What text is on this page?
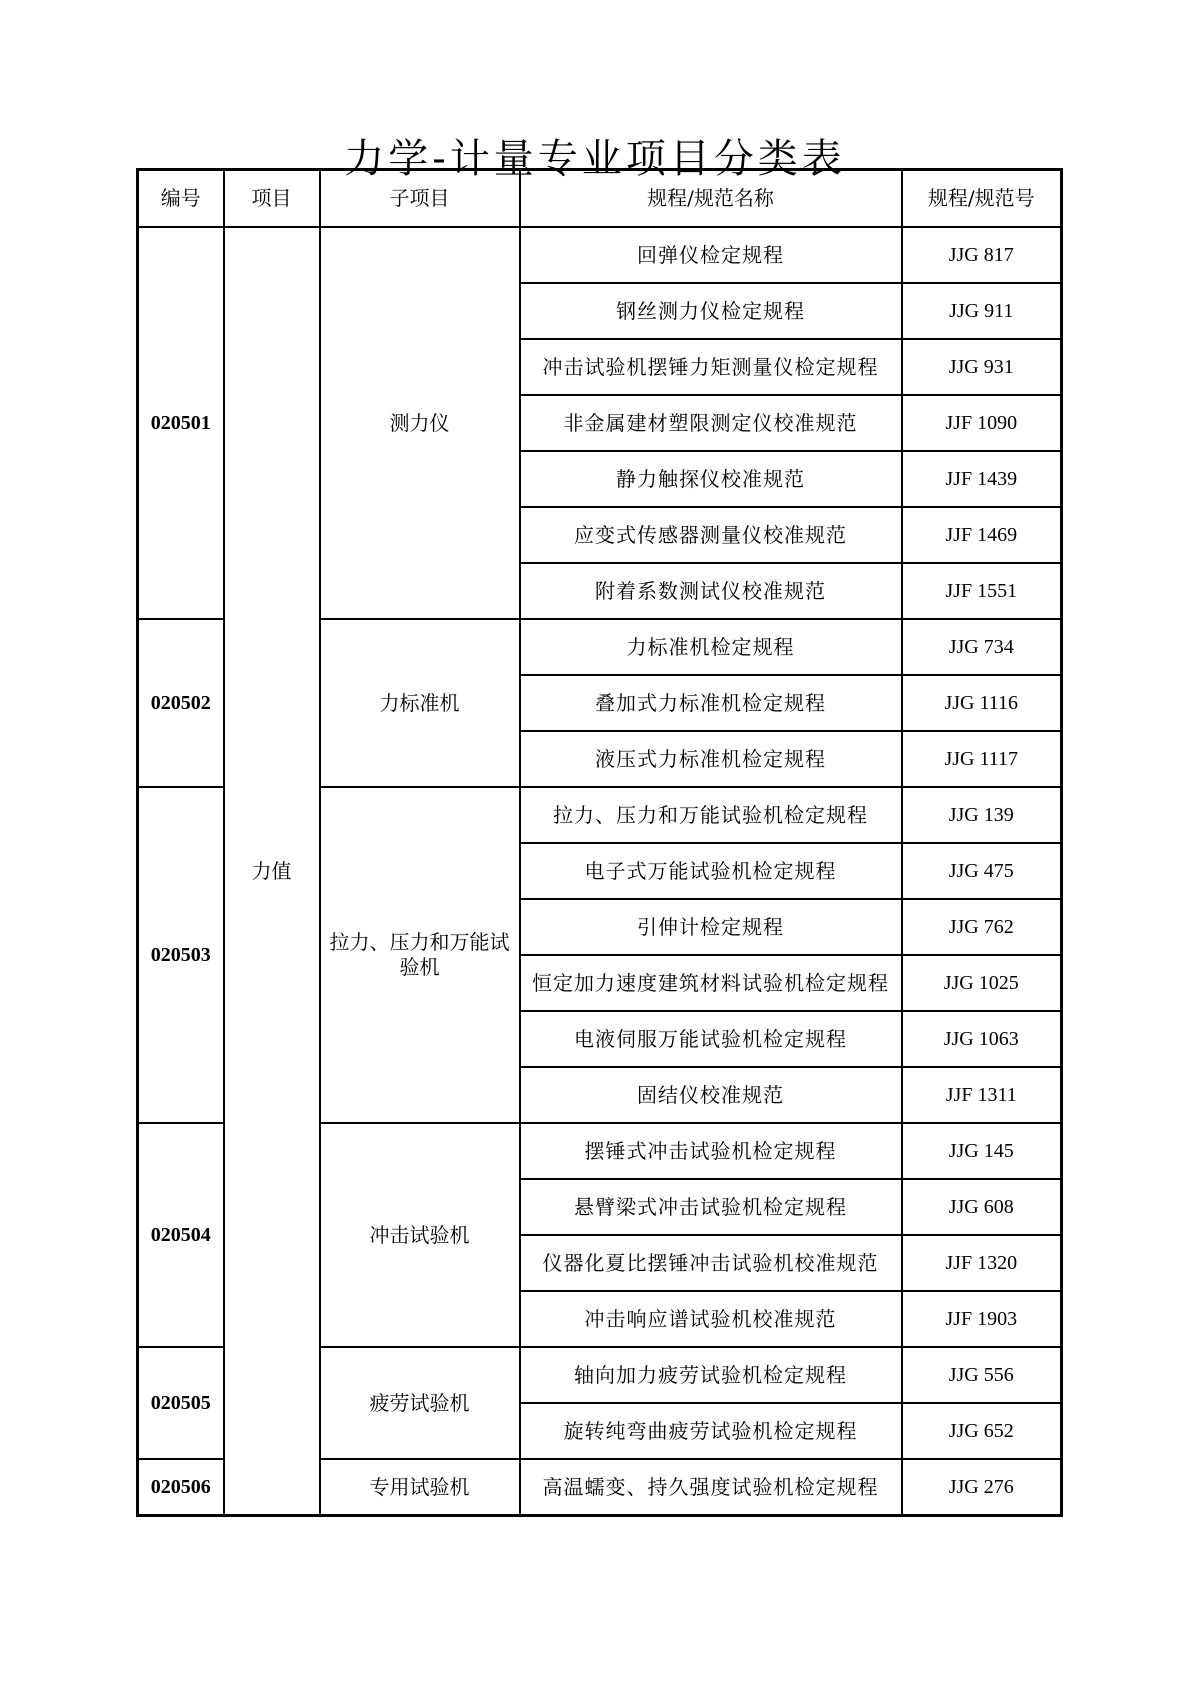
力学-计量专业项目分类表
编号	项目	子项目	规程/规范名称	规程/规范号
020501	力值	测力仪	回弹仪检定规程	JJG 817
			钢丝测力仪检定规程	JJG 911
			冲击试验机摆锤力矩测量仪检定规程	JJG 931
			非金属建材塑限测定仪校准规范	JJF 1090
			静力触探仪校准规范	JJF 1439
			应变式传感器测量仪校准规范	JJF 1469
			附着系数测试仪校准规范	JJF 1551
020502		力标准机	力标准机检定规程	JJG 734
			叠加式力标准机检定规程	JJG 1116
			液压式力标准机检定规程	JJG 1117
020503		拉力、压力和万能试验机	拉力、压力和万能试验机检定规程	JJG 139
			电子式万能试验机检定规程	JJG 475
			引伸计检定规程	JJG 762
			恒定加力速度建筑材料试验机检定规程	JJG 1025
			电液伺服万能试验机检定规程	JJG 1063
			固结仪校准规范	JJF 1311
020504		冲击试验机	摆锤式冲击试验机检定规程	JJG 145
			悬臂梁式冲击试验机检定规程	JJG 608
			仪器化夏比摆锤冲击试验机校准规范	JJF 1320
			冲击响应谱试验机校准规范	JJF 1903
020505		疲劳试验机	轴向加力疲劳试验机检定规程	JJG 556
			旋转纯弯曲疲劳试验机检定规程	JJG 652
020506		专用试验机	高温蠕变、持久强度试验机检定规程	JJG 276
